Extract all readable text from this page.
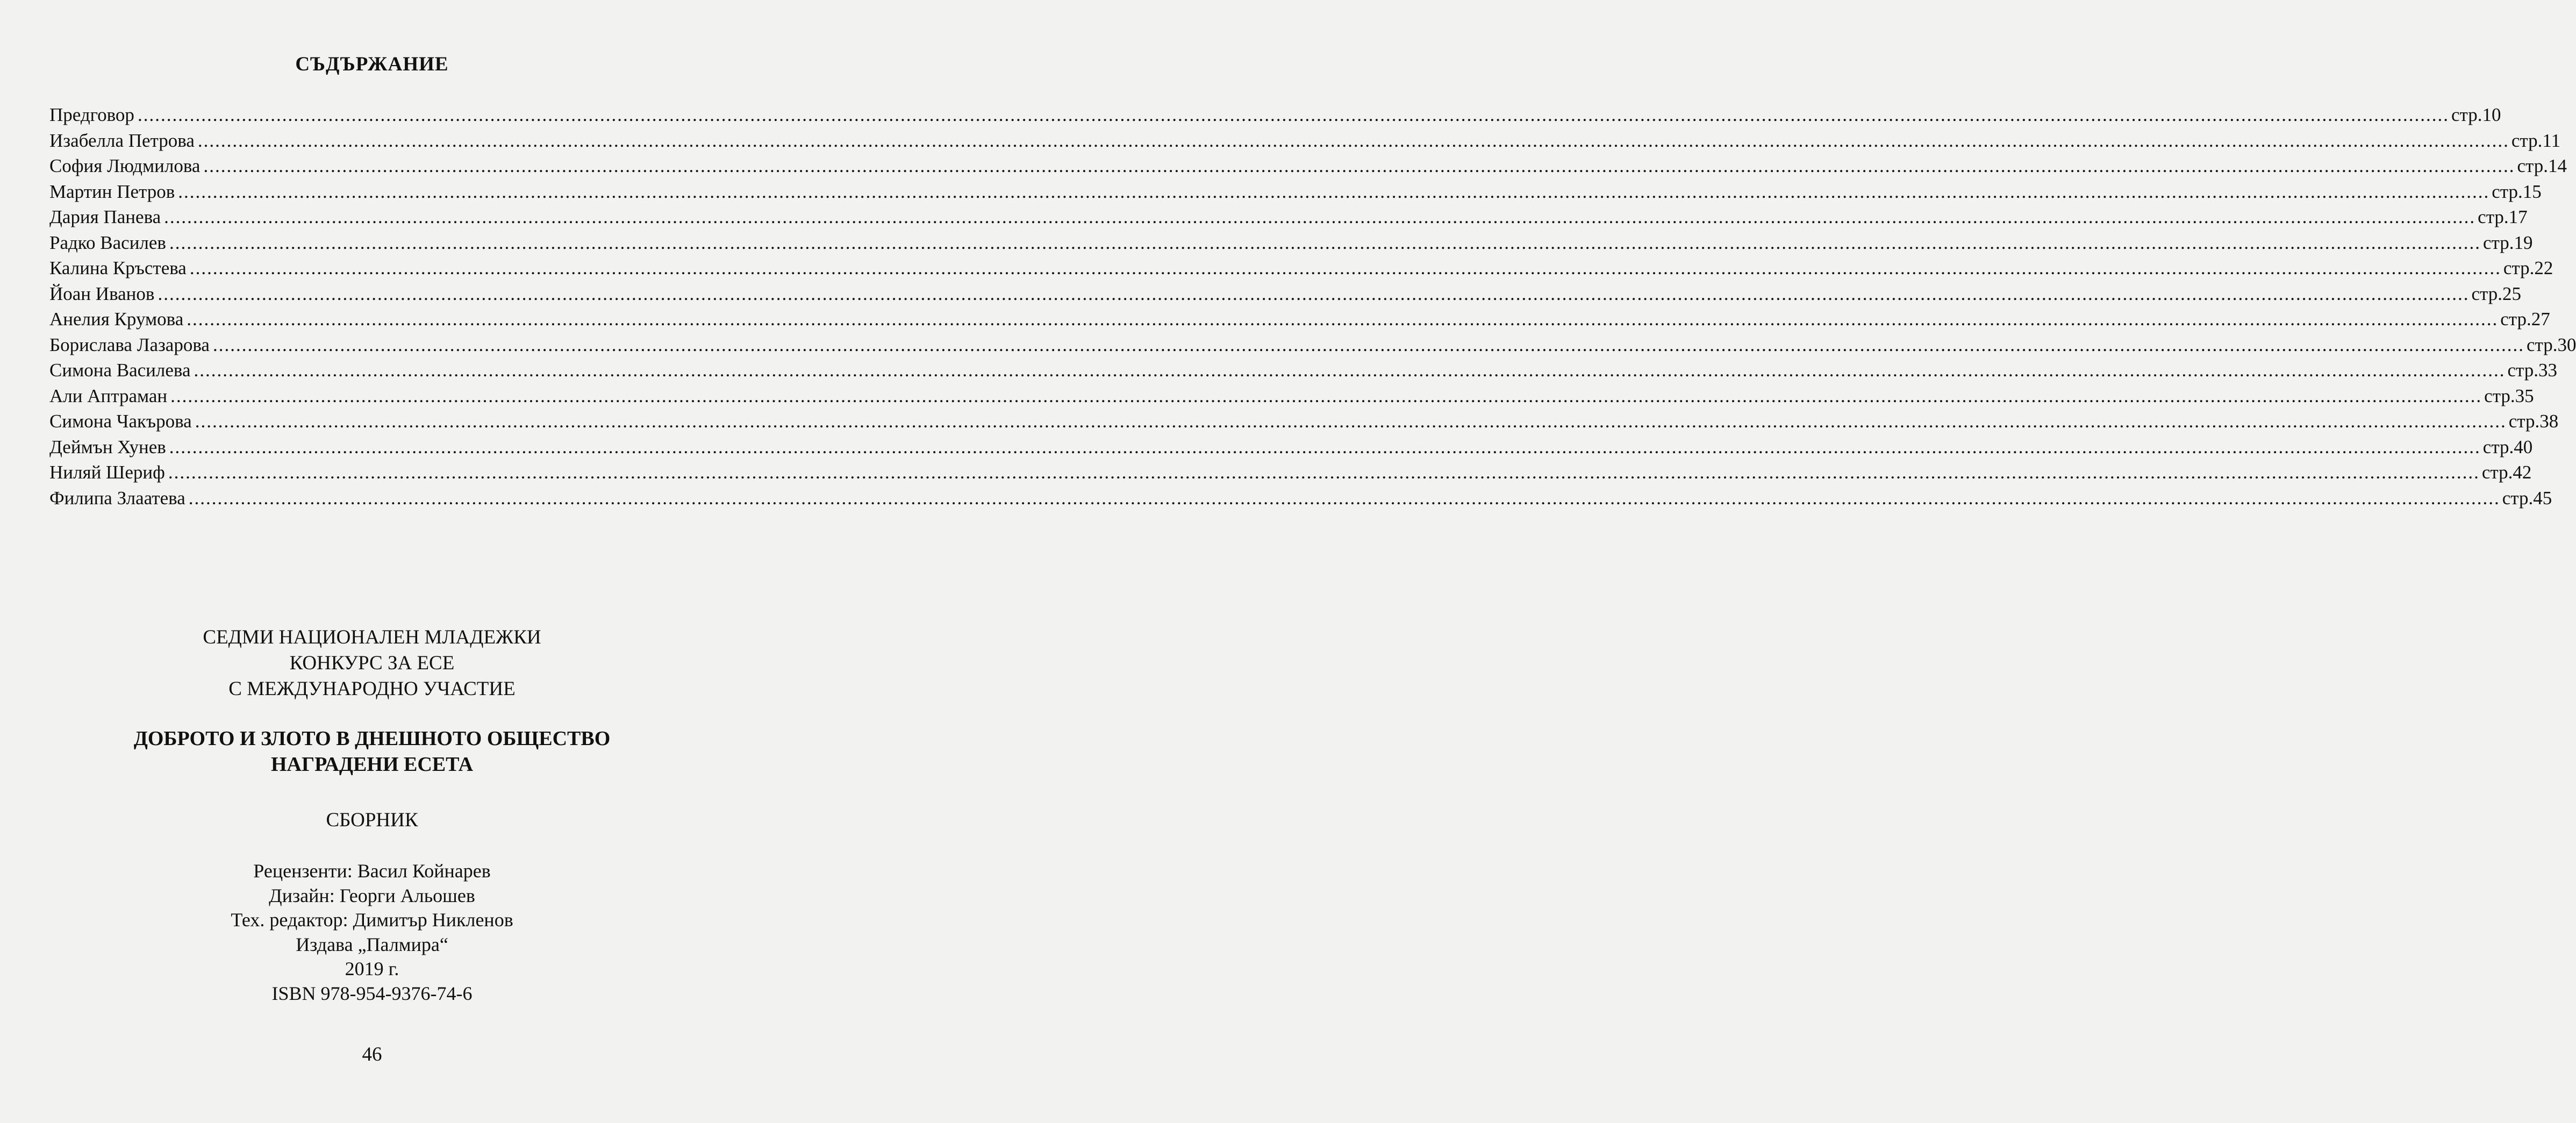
СЪДЪРЖАНИЕ
Предговор ................................................................................................................................................................................................................................................................................................................................................................................................................ стр.10
Изабелла Петрова ................................................................................................................................................................................................................................................................................................................................................................................................................ стр.11
София Людмилова ................................................................................................................................................................................................................................................................................................................................................................................................................ стр.14
Мартин Петров ................................................................................................................................................................................................................................................................................................................................................................................................................ стр.15
Дария Панева ................................................................................................................................................................................................................................................................................................................................................................................................................ стр.17
Радко Василев ................................................................................................................................................................................................................................................................................................................................................................................................................ стр.19
Калина Кръстева ................................................................................................................................................................................................................................................................................................................................................................................................................ стр.22
Йоан Иванов ................................................................................................................................................................................................................................................................................................................................................................................................................ стр.25
Анелия Крумова ................................................................................................................................................................................................................................................................................................................................................................................................................ стр.27
Борислава Лазарова ................................................................................................................................................................................................................................................................................................................................................................................................................ стр.30
Симона Василева ................................................................................................................................................................................................................................................................................................................................................................................................................ стр.33
Али Аптраман ................................................................................................................................................................................................................................................................................................................................................................................................................ стр.35
Симона Чакърова ................................................................................................................................................................................................................................................................................................................................................................................................................ стр.38
Деймън Хунев ................................................................................................................................................................................................................................................................................................................................................................................................................ стр.40
Ниляй Шериф ................................................................................................................................................................................................................................................................................................................................................................................................................ стр.42
Филипа Злаатева ................................................................................................................................................................................................................................................................................................................................................................................................................ стр.45
СЕДМИ НАЦИОНАЛЕН МЛАДЕЖКИ
КОНКУРС ЗА ЕСЕ
С МЕЖДУНАРОДНО УЧАСТИЕ
ДОБРОТО И ЗЛОТО В ДНЕШНОТО ОБЩЕСТВО
НАГРАДЕНИ ЕСЕТА
СБОРНИК
Рецензенти: Васил Койнарев
Дизайн: Георги Альошев
Тех. редактор: Димитър Никленов
Издава „Палмира“
2019 г.
ISBN 978-954-9376-74-6
46
